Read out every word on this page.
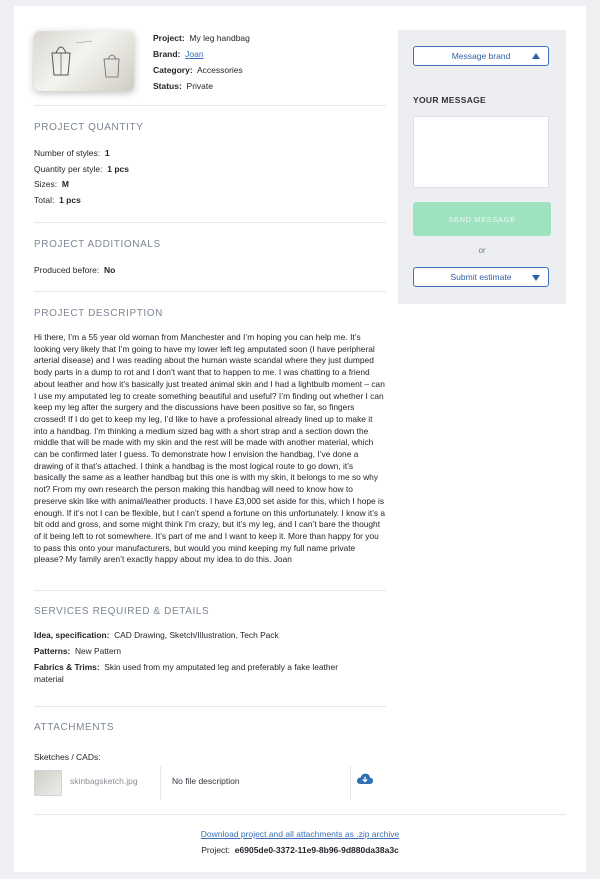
Project: My leg handbag
Brand: Joan
Category: Accessories
Status: Private
PROJECT QUANTITY
Number of styles: 1
Quantity per style: 1 pcs
Sizes: M
Total: 1 pcs
PROJECT ADDITIONALS
Produced before: No
PROJECT DESCRIPTION
Hi there, I’m a 55 year old woman from Manchester and I’m hoping you can help me. It’s looking very likely that I’m going to have my lower left leg amputated soon (I have peripheral arterial disease) and I was reading about the human waste scandal where they just dumped body parts in a dump to rot and I don’t want that to happen to me. I was chatting to a friend about leather and how it’s basically just treated animal skin and I had a lightbulb moment – can I use my amputated leg to create something beautiful and useful? I’m finding out whether I can keep my leg after the surgery and the discussions have been positive so far, so fingers crossed! If I do get to keep my leg, I’d like to have a professional already lined up to make it into a handbag. I’m thinking a medium sized bag with a short strap and a section down the middle that will be made with my skin and the rest will be made with another material, which can be confirmed later I guess. To demonstrate how I envision the handbag, I’ve done a drawing of it that’s attached. I think a handbag is the most logical route to go down, it’s basically the same as a leather handbag but this one is with my skin, it belongs to me so why not? From my own research the person making this handbag will need to know how to preserve skin like with animal/leather products. I have £3,000 set aside for this, which I hope is enough. If it’s not I can be flexible, but I can’t spend a fortune on this unfortunately. I know it’s a bit odd and gross, and some might think I’m crazy, but it’s my leg, and I can’t bare the thought of it being left to rot somewhere. It’s part of me and I want to keep it. More than happy for you to pass this onto your manufacturers, but would you mind keeping my full name private please? My family aren’t exactly happy about my idea to do this. Joan
SERVICES REQUIRED & DETAILS
Idea, specification: CAD Drawing, Sketch/Illustration, Tech Pack
Patterns: New Pattern
Fabrics & Trims: Skin used from my amputated leg and preferably a fake leather material
ATTACHMENTS
Sketches / CADs:
skinbagsketch.jpg	No file description
Message brand
YOUR MESSAGE
SEND MESSAGE
or
Submit estimate
Download project and all attachments as .zip archive
Project: e6905de0-3372-11e9-8b96-9d880da38a3c
